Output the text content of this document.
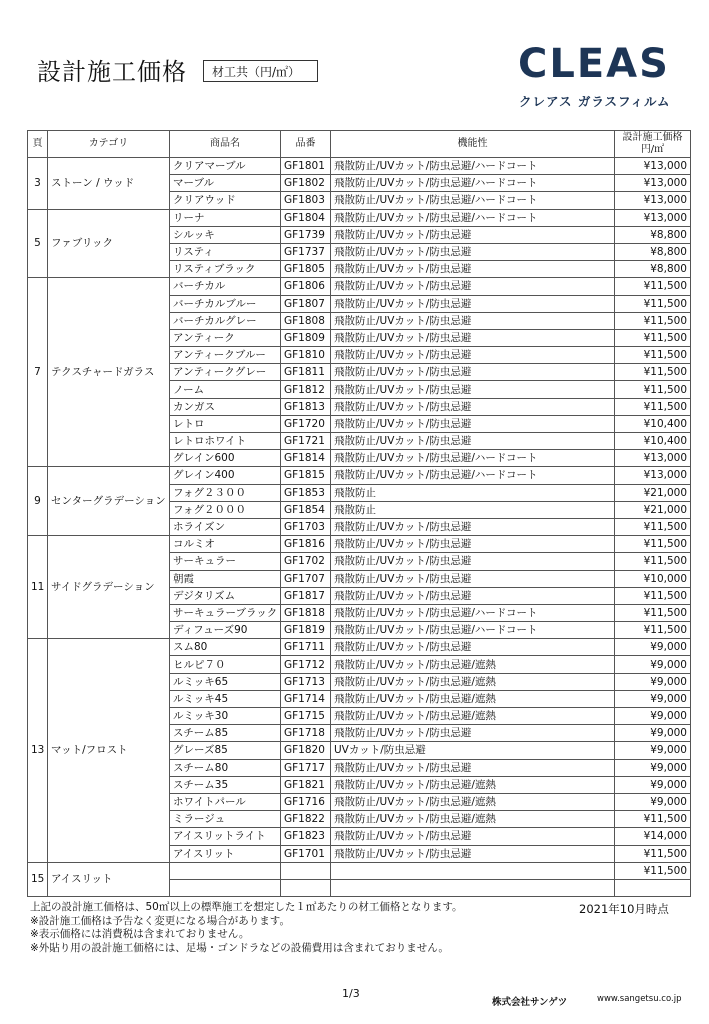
設計施工価格	材工共（円/㎡）	CLEAS
クレアス ガラスフィルム
頁	カテゴリ	商品名	品番	機能性	設計施工価格
円/㎡
3	ストーン / ウッド	クリアマーブル	GF1801	飛散防止/UVカット/防虫忌避/ハードコート	¥13,000
		マーブル	GF1802	飛散防止/UVカット/防虫忌避/ハードコート	¥13,000
		クリアウッド	GF1803	飛散防止/UVカット/防虫忌避/ハードコート	¥13,000
5	ファブリック	リーナ	GF1804	飛散防止/UVカット/防虫忌避/ハードコート	¥13,000
		シルッキ	GF1739	飛散防止/UVカット/防虫忌避	¥8,800
		リスティ	GF1737	飛散防止/UVカット/防虫忌避	¥8,800
		リスティブラック	GF1805	飛散防止/UVカット/防虫忌避	¥8,800
7	テクスチャードガラス	バーチカル	GF1806	飛散防止/UVカット/防虫忌避	¥11,500
		バーチカルブルー	GF1807	飛散防止/UVカット/防虫忌避	¥11,500
		バーチカルグレー	GF1808	飛散防止/UVカット/防虫忌避	¥11,500
		アンティーク	GF1809	飛散防止/UVカット/防虫忌避	¥11,500
		アンティークブルー	GF1810	飛散防止/UVカット/防虫忌避	¥11,500
		アンティークグレー	GF1811	飛散防止/UVカット/防虫忌避	¥11,500
		ノーム	GF1812	飛散防止/UVカット/防虫忌避	¥11,500
		カンガス	GF1813	飛散防止/UVカット/防虫忌避	¥11,500
		レトロ	GF1720	飛散防止/UVカット/防虫忌避	¥10,400
		レトロホワイト	GF1721	飛散防止/UVカット/防虫忌避	¥10,400
		グレイン600	GF1814	飛散防止/UVカット/防虫忌避/ハードコート	¥13,000
9	センターグラデーション	グレイン400	GF1815	飛散防止/UVカット/防虫忌避/ハードコート	¥13,000
		フォグ２３００	GF1853	飛散防止	¥21,000
		フォグ２０００	GF1854	飛散防止	¥21,000
		ホライズン	GF1703	飛散防止/UVカット/防虫忌避	¥11,500
11	サイドグラデーション	コルミオ	GF1816	飛散防止/UVカット/防虫忌避	¥11,500
		サーキュラー	GF1702	飛散防止/UVカット/防虫忌避	¥11,500
		朝霞	GF1707	飛散防止/UVカット/防虫忌避	¥10,000
		デジタリズム	GF1817	飛散防止/UVカット/防虫忌避	¥11,500
		サーキュラーブラック	GF1818	飛散防止/UVカット/防虫忌避/ハードコート	¥11,500
		ディフューズ90	GF1819	飛散防止/UVカット/防虫忌避/ハードコート	¥11,500
13	マット/フロスト	スム80	GF1711	飛散防止/UVカット/防虫忌避	¥9,000
		ヒルピ７０	GF1712	飛散防止/UVカット/防虫忌避/遮熱	¥9,000
		ルミッキ65	GF1713	飛散防止/UVカット/防虫忌避/遮熱	¥9,000
		ルミッキ45	GF1714	飛散防止/UVカット/防虫忌避/遮熱	¥9,000
		ルミッキ30	GF1715	飛散防止/UVカット/防虫忌避/遮熱	¥9,000
		スチーム85	GF1718	飛散防止/UVカット/防虫忌避	¥9,000
		グレーズ85	GF1820	UVカット/防虫忌避	¥9,000
		スチーム80	GF1717	飛散防止/UVカット/防虫忌避	¥9,000
		スチーム35	GF1821	飛散防止/UVカット/防虫忌避/遮熱	¥9,000
		ホワイトパール	GF1716	飛散防止/UVカット/防虫忌避/遮熱	¥9,000
		ミラージュ	GF1822	飛散防止/UVカット/防虫忌避/遮熱	¥11,500
		アイスリットライト	GF1823	飛散防止/UVカット/防虫忌避	¥14,000
		アイスリット	GF1701	飛散防止/UVカット/防虫忌避	¥11,500
15	アイスリット				¥11,500

上記の設計施工価格は、50㎡以上の標準施工を想定した１㎡あたりの材工価格となります。
※設計施工価格は予告なく変更になる場合があります。
※表示価格には消費税は含まれておりません。
※外貼り用の設計施工価格には、足場・ゴンドラなどの設備費用は含まれておりません。
2021年10月時点
1/3
株式会社サンゲツ	www.sangetsu.co.jp
